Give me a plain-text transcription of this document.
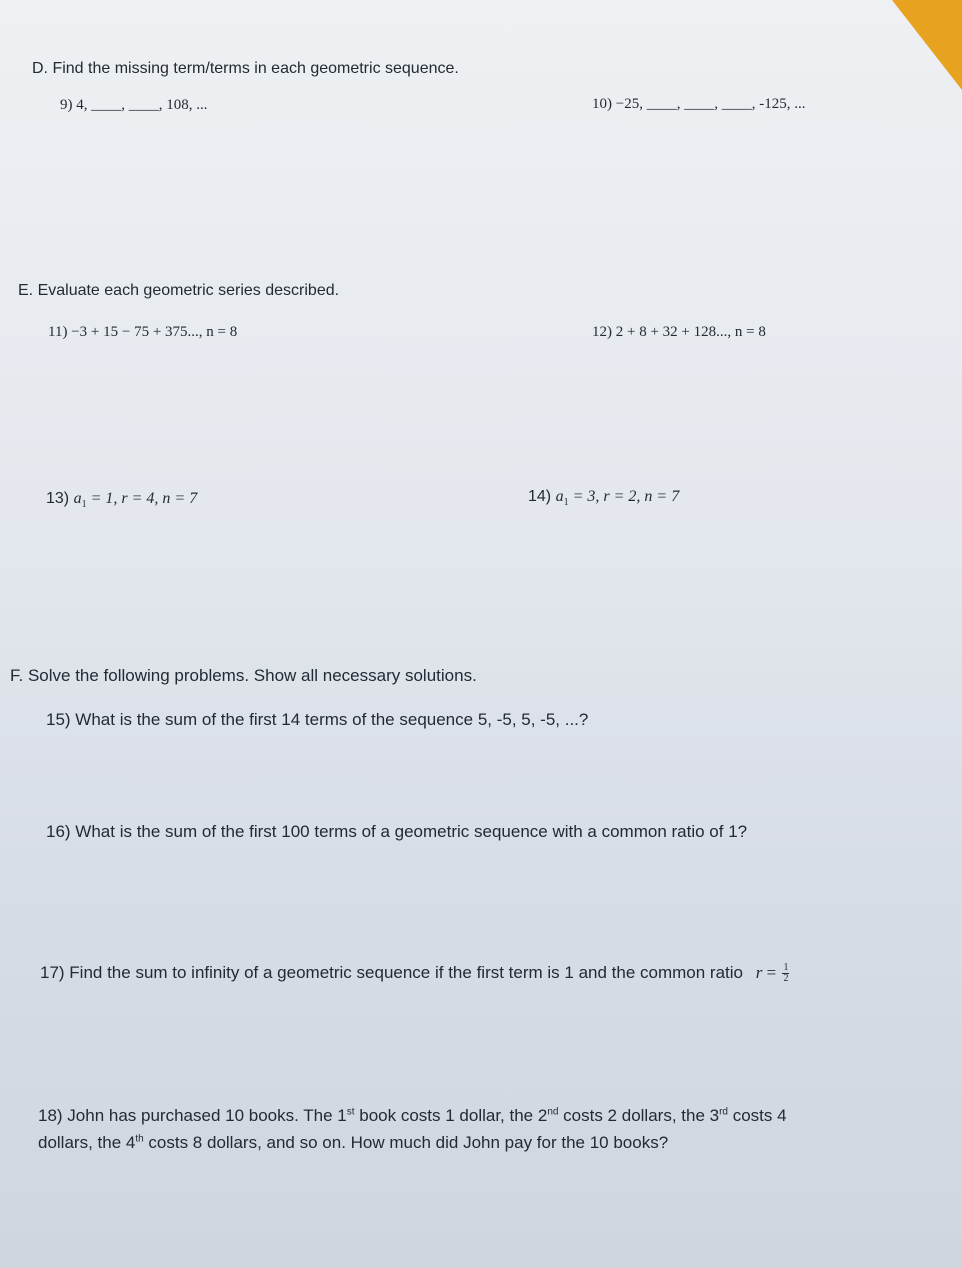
D. Find the missing term/terms in each geometric sequence.
9) 4, ____, ____, 108, ...	10) −25, ____, ____, ____, -125, ...
E. Evaluate each geometric series described.
11) −3 + 15 − 75 + 375..., n = 8	12) 2 + 8 + 32 + 128..., n = 8
13) $a_1 = 1$, r = 4, n = 7	14) $a_1 = 3$, r = 2, n = 7
F. Solve the following problems. Show all necessary solutions.
15) What is the sum of the first 14 terms of the sequence 5, -5, 5, -5, ...?
16) What is the sum of the first 100 terms of a geometric sequence with a common ratio of 1?
17) Find the sum to infinity of a geometric sequence if the first term is 1 and the common ratio $r = \frac{1}{2}$
18) John has purchased 10 books. The 1st book costs 1 dollar, the 2nd costs 2 dollars, the 3rd costs 4
dollars, the 4th costs 8 dollars, and so on. How much did John pay for the 10 books?
